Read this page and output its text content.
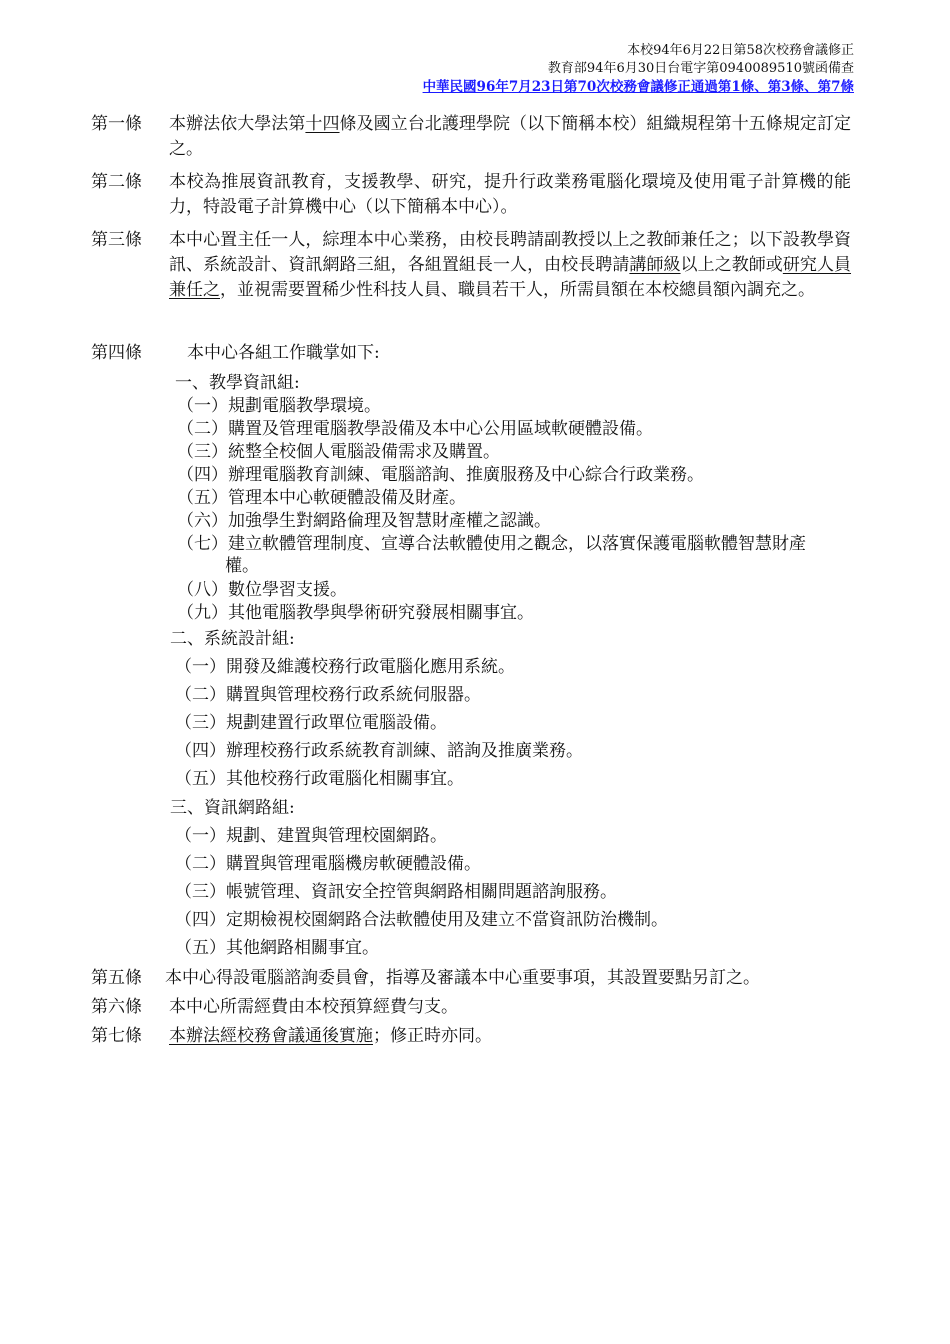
本校94年6月22日第58次校務會議修正
教育部94年6月30日台電字第0940089510號函備查
中華民國96年7月23日第70次校務會議修正通過第1條、第3條、第7條
第一條 本辦法依大學法第十四條及國立台北護理學院（以下簡稱本校）組織規程第十五條規定訂定之。
第二條 本校為推展資訊教育，支援教學、研究，提升行政業務電腦化環境及使用電子計算機的能力，特設電子計算機中心（以下簡稱本中心）。
第三條 本中心置主任一人，綜理本中心業務，由校長聘請副教授以上之教師兼任之；以下設教學資訊、系統設計、資訊網路三組，各組置組長一人，由校長聘請講師級以上之教師或研究人員兼任之，並視需要置稀少性科技人員、職員若干人，所需員額在本校總員額內調充之。
第四條	本中心各組工作職掌如下:
一、教學資訊組:
（一）規劃電腦教學環境。
（二）購置及管理電腦教學設備及本中心公用區域軟硬體設備。
（三）統整全校個人電腦設備需求及購置。
（四）辦理電腦教育訓練、電腦諮詢、推廣服務及中心綜合行政業務。
（五）管理本中心軟硬體設備及財產。
（六）加強學生對網路倫理及智慧財產權之認識。
（七）建立軟體管理制度、宣導合法軟體使用之觀念，以落實保護電腦軟體智慧財產權。
（八）數位學習支援。
（九）其他電腦教學與學術研究發展相關事宜。
二、系統設計組:
（一）開發及維護校務行政電腦化應用系統。
（二）購置與管理校務行政系統伺服器。
（三）規劃建置行政單位電腦設備。
（四）辦理校務行政系統教育訓練、諮詢及推廣業務。
（五）其他校務行政電腦化相關事宜。
三、資訊網路組:
（一）規劃、建置與管理校園網路。
（二）購置與管理電腦機房軟硬體設備。
（三）帳號管理、資訊安全控管與網路相關問題諮詢服務。
（四）定期檢視校園網路合法軟體使用及建立不當資訊防治機制。
（五）其他網路相關事宜。
第五條 本中心得設電腦諮詢委員會，指導及審議本中心重要事項，其設置要點另訂之。
第六條 本中心所需經費由本校預算經費勻支。
第七條 本辦法經校務會議通後實施；修正時亦同。
